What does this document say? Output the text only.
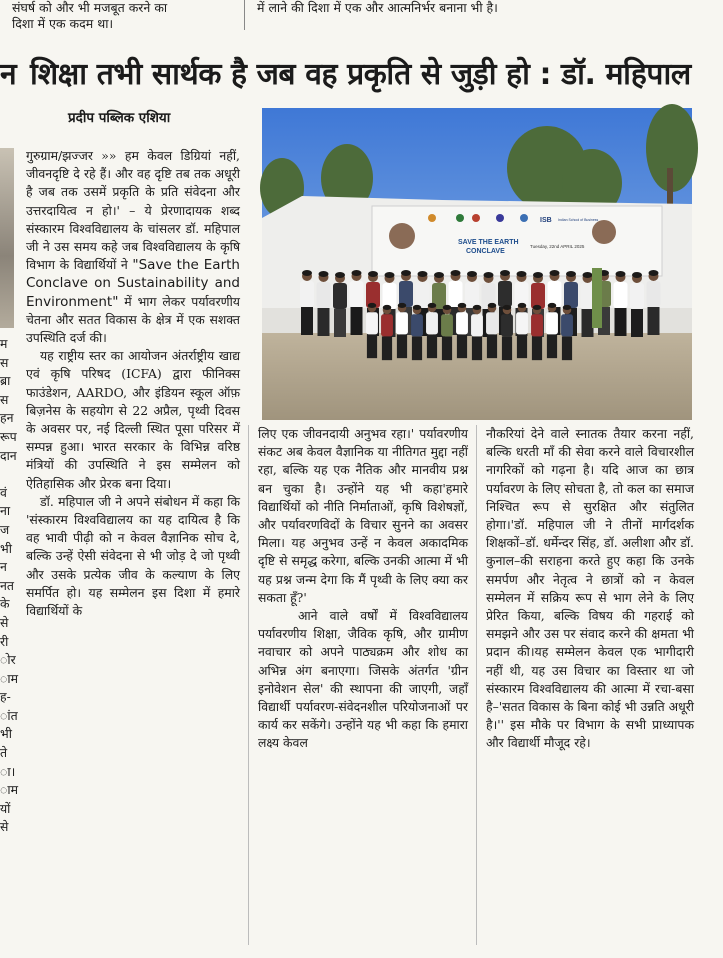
संघर्ष को और भी मजबूत करने का
दिशा में एक कदम था।
में लाने की दिशा में एक और आत्मनिर्भर बनाना भी है।
न शिक्षा तभी सार्थक है जब वह प्रकृति से जुड़ी हो : डॉ. महिपाल
प्रदीप पब्लिक एशिया
म
स
ब्रा
स
हन
रूप
दान

वं
ना
ज
भी
न
नत
के
से
री
ोर
ाम
ह-
ांत
भी
ते
ा।
ाम
यों
से
ISB Indian School of Business
SAVE THE EARTH
CONCLAVE
Tuesday, 22nd APRIL 2025

गुरुग्राम/झज्जर »» हम केवल डिग्रियां नहीं, जीवनदृष्टि दे रहे हैं। और वह दृष्टि तब तक अधूरी है जब तक उसमें प्रकृति के प्रति संवेदना और उत्तरदायित्व न हो।' – ये प्रेरणादायक शब्द संस्कारम विश्वविद्यालय के चांसलर डॉ. महिपाल जी ने उस समय कहे जब विश्वविद्यालय के कृषि विभाग के विद्यार्थियों ने "Save the Earth Conclave on Sustainability and Environment" में भाग लेकर पर्यावरणीय चेतना और सतत विकास के क्षेत्र में एक सशक्त उपस्थिति दर्ज की।

यह राष्ट्रीय स्तर का आयोजन अंतर्राष्ट्रीय खाद्य एवं कृषि परिषद (ICFA) द्वारा फीनिक्स फाउंडेशन, AARDO, और इंडियन स्कूल ऑफ़ बिज़नेस के सहयोग से 22 अप्रैल, पृथ्वी दिवस के अवसर पर, नई दिल्ली स्थित पूसा परिसर में सम्पन्न हुआ। भारत सरकार के विभिन्न वरिष्ठ मंत्रियों की उपस्थिति ने इस सम्मेलन को ऐतिहासिक और प्रेरक बना दिया।

डॉ. महिपाल जी ने अपने संबोधन में कहा कि 'संस्कारम विश्वविद्यालय का यह दायित्व है कि वह भावी पीढ़ी को न केवल वैज्ञानिक सोच दे, बल्कि उन्हें ऐसी संवेदना से भी जोड़ दे जो पृथ्वी और उसके प्रत्येक जीव के कल्याण के लिए समर्पित हो। यह सम्मेलन इस दिशा में हमारे विद्यार्थियों के

लिए एक जीवनदायी अनुभव रहा।' पर्यावरणीय संकट अब केवल वैज्ञानिक या नीतिगत मुद्दा नहीं रहा, बल्कि यह एक नैतिक और मानवीय प्रश्न बन चुका है। उन्होंने यह भी कहा'हमारे विद्यार्थियों को नीति निर्माताओं, कृषि विशेषज्ञों, और पर्यावरणविदों के विचार सुनने का अवसर मिला। यह अनुभव उन्हें न केवल अकादमिक दृष्टि से समृद्ध करेगा, बल्कि उनकी आत्मा में भी यह प्रश्न जन्म देगा कि मैं पृथ्वी के लिए क्या कर सकता हूँ?'

आने वाले वर्षों में विश्वविद्यालय पर्यावरणीय शिक्षा, जैविक कृषि, और ग्रामीण नवाचार को अपने पाठ्यक्रम और शोध का अभिन्न अंग बनाएगा। जिसके अंतर्गत 'ग्रीन इनोवेशन सेल' की स्थापना की जाएगी, जहाँ विद्यार्थी पर्यावरण-संवेदनशील परियोजनाओं पर कार्य कर सकेंगे। उन्होंने यह भी कहा कि हमारा लक्ष्य केवल

नौकरियां देने वाले स्नातक तैयार करना नहीं, बल्कि धरती माँ की सेवा करने वाले विचारशील नागरिकों को गढ़ना है। यदि आज का छात्र पर्यावरण के लिए सोचता है, तो कल का समाज निश्चित रूप से सुरक्षित और संतुलित होगा।'डॉ. महिपाल जी ने तीनों मार्गदर्शक शिक्षकों–डॉ. धर्मेन्दर सिंह, डॉ. अलीशा और डॉ. कुनाल–की सराहना करते हुए कहा कि उनके समर्पण और नेतृत्व ने छात्रों को न केवल सम्मेलन में सक्रिय रूप से भाग लेने के लिए प्रेरित किया, बल्कि विषय की गहराई को समझने और उस पर संवाद करने की क्षमता भी प्रदान की।यह सम्मेलन केवल एक भागीदारी नहीं थी, यह उस विचार का विस्तार था जो संस्कारम विश्वविद्यालय की आत्मा में रचा-बसा है–'सतत विकास के बिना कोई भी उन्नति अधूरी है।'' इस मौके पर विभाग के सभी प्राध्यापक और विद्यार्थी मौजूद रहे।
